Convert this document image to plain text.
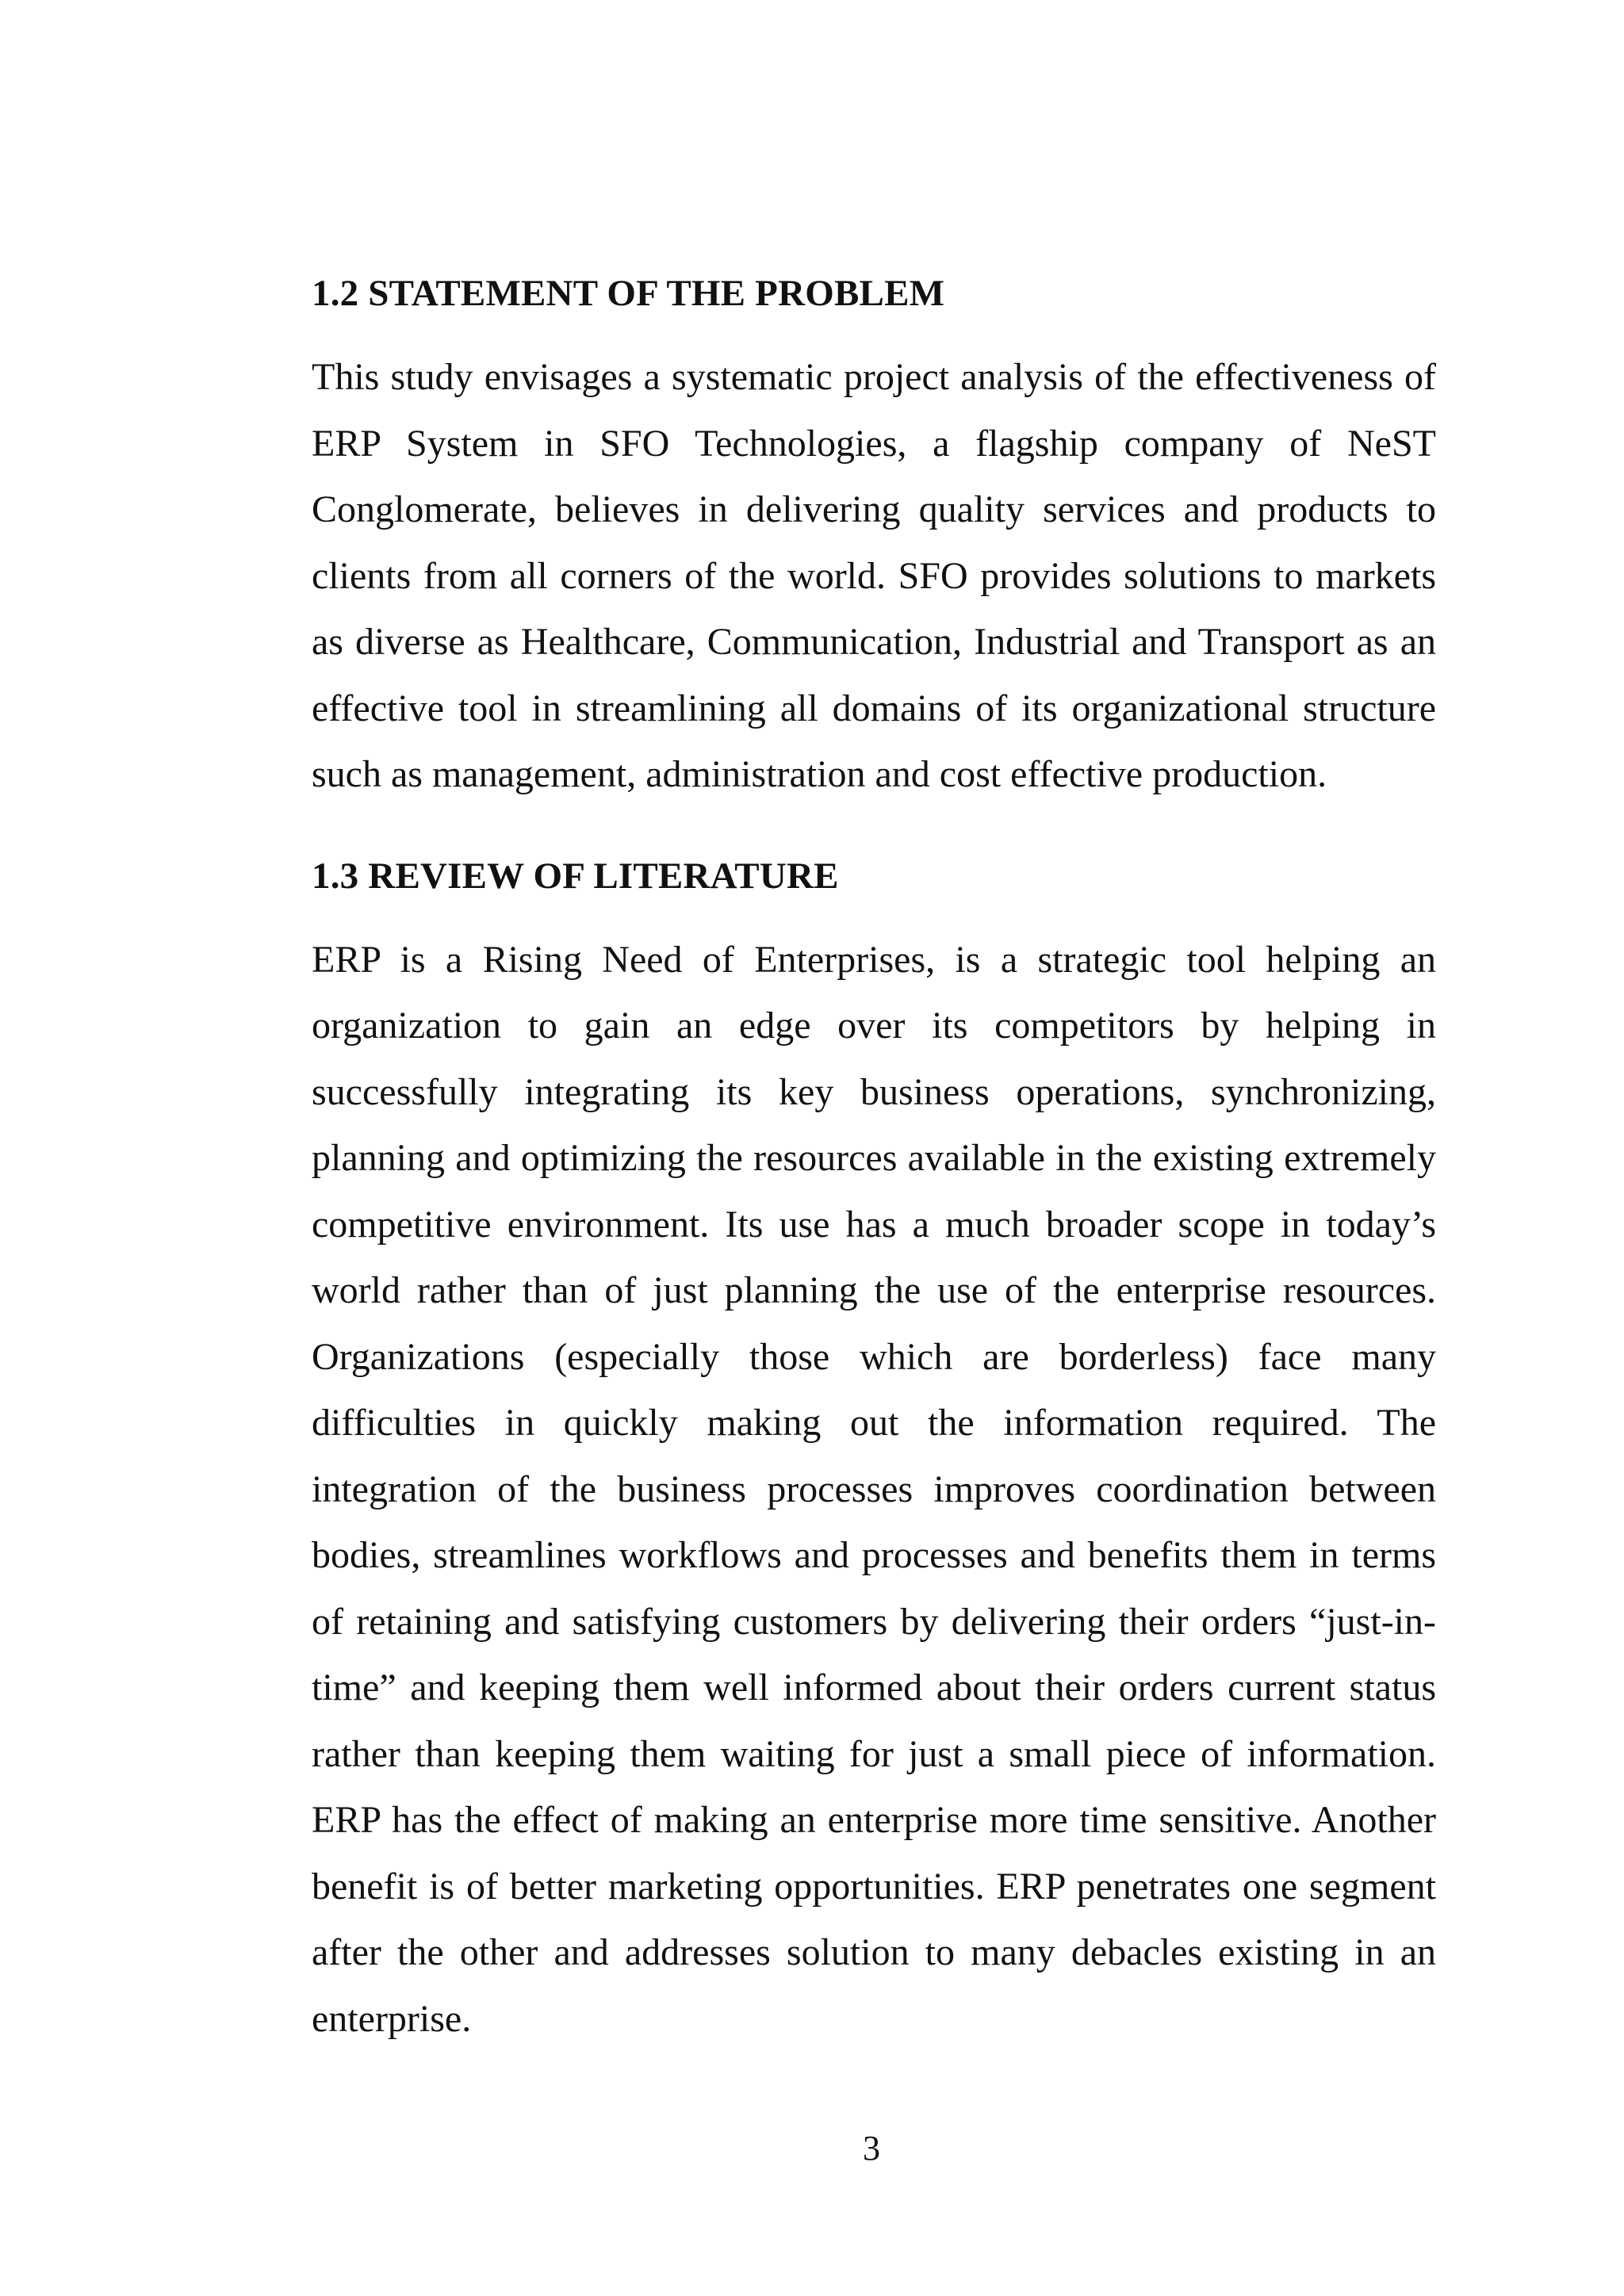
1.2 STATEMENT OF THE PROBLEM

This study envisages a systematic project analysis of the effectiveness of ERP System in SFO Technologies, a flagship company of NeST Conglomerate, believes in delivering quality services and products to clients from all corners of the world. SFO provides solutions to markets as diverse as Healthcare, Communication, Industrial and Transport as an effective tool in streamlining all domains of its organizational structure such as management, administration and cost effective production.

1.3 REVIEW OF LITERATURE

ERP is a Rising Need of Enterprises, is a strategic tool helping an organization to gain an edge over its competitors by helping in successfully integrating its key business operations, synchronizing, planning and optimizing the resources available in the existing extremely competitive environment. Its use has a much broader scope in today’s world rather than of just planning the use of the enterprise resources. Organizations (especially those which are borderless) face many difficulties in quickly making out the information required. The integration of the business processes improves coordination between bodies, streamlines workflows and processes and benefits them in terms of retaining and satisfying customers by delivering their orders “just-in-time” and keeping them well informed about their orders current status rather than keeping them waiting for just a small piece of information. ERP has the effect of making an enterprise more time sensitive. Another benefit is of better marketing opportunities. ERP penetrates one segment after the other and addresses solution to many debacles existing in an enterprise.

3
